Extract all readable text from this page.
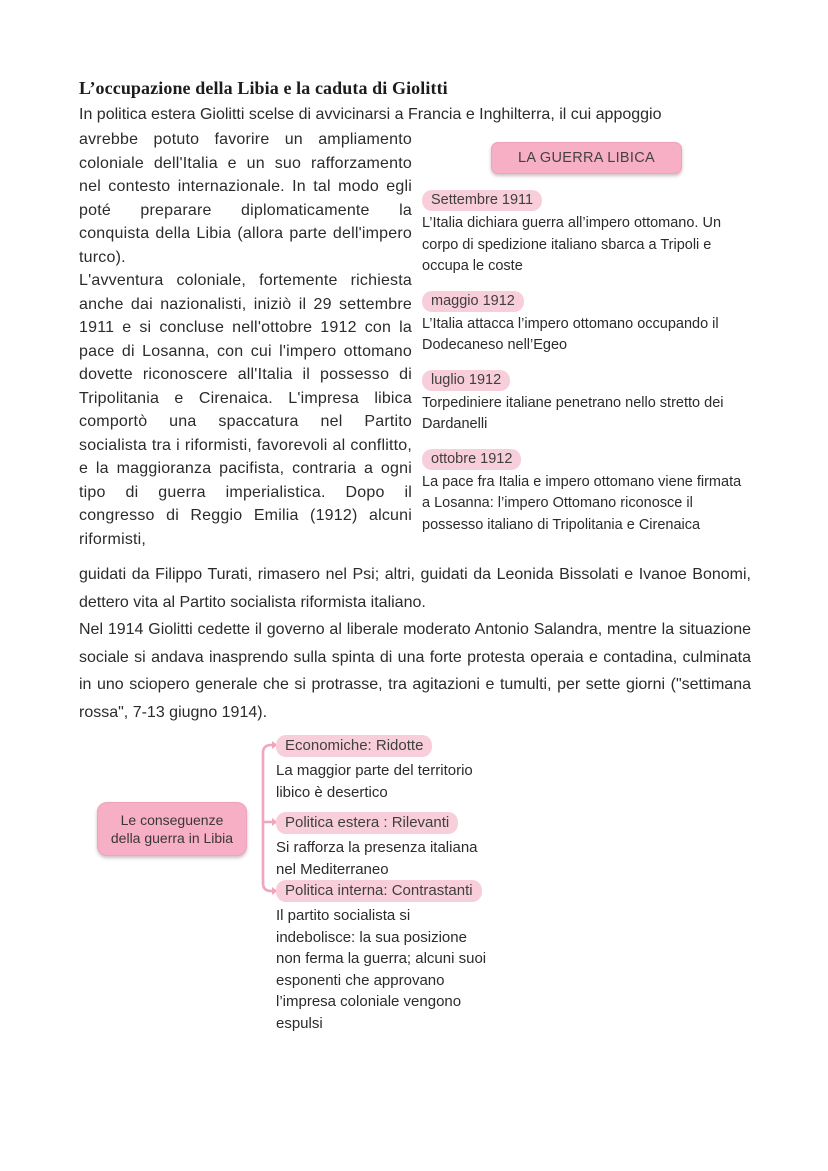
L’occupazione della Libia e la caduta di Giolitti
In politica estera Giolitti scelse di avvicinarsi a Francia e Inghilterra, il cui appoggio

avrebbe potuto favorire un ampliamento coloniale dell'Italia e un suo rafforzamento nel contesto internazionale. In tal modo egli poté preparare diplomaticamente la conquista della Libia (allora parte dell'impero turco).

L'avventura coloniale, fortemente richiesta anche dai nazionalisti, iniziò il 29 settembre 1911 e si concluse nell'ottobre 1912 con la pace di Losanna, con cui l'impero ottomano dovette riconoscere all'Italia il possesso di Tripolitania e Cirenaica. L'impresa libica comportò una spaccatura nel Partito socialista tra i riformisti, favorevoli al conflitto, e la maggioranza pacifista, contraria a ogni tipo di guerra imperialistica. Dopo il congresso di Reggio Emilia (1912) alcuni riformisti,

LA GUERRA LIBICA
Settembre 1911
L’Italia dichiara guerra all’impero ottomano. Un corpo di spedizione italiano sbarca a Tripoli e occupa le coste
maggio 1912
L’Italia attacca l’impero ottomano occupando il Dodecaneso nell’Egeo
luglio 1912
Torpediniere italiane penetrano nello stretto dei Dardanelli
ottobre 1912
La pace fra Italia e impero ottomano viene firmata a Losanna: l’impero Ottomano riconosce il possesso italiano di Tripolitania e Cirenaica

guidati da Filippo Turati, rimasero nel Psi; altri, guidati da Leonida Bissolati e Ivanoe Bonomi, dettero vita al Partito socialista riformista italiano.

Nel 1914 Giolitti cedette il governo al liberale moderato Antonio Salandra, mentre la situazione sociale si andava inasprendo sulla spinta di una forte protesta operaia e contadina, culminata in uno sciopero generale che si protrasse, tra agitazioni e tumulti, per sette giorni ("settimana rossa", 7-13 giugno 1914).

Le conseguenze della guerra in Libia
Economiche: Ridotte
La maggior parte del territorio libico è desertico
Politica estera : Rilevanti
Si rafforza la presenza italiana nel Mediterraneo
Politica interna: Contrastanti
Il partito socialista si indebolisce: la sua posizione non ferma la guerra; alcuni suoi esponenti che approvano l’impresa coloniale vengono espulsi
